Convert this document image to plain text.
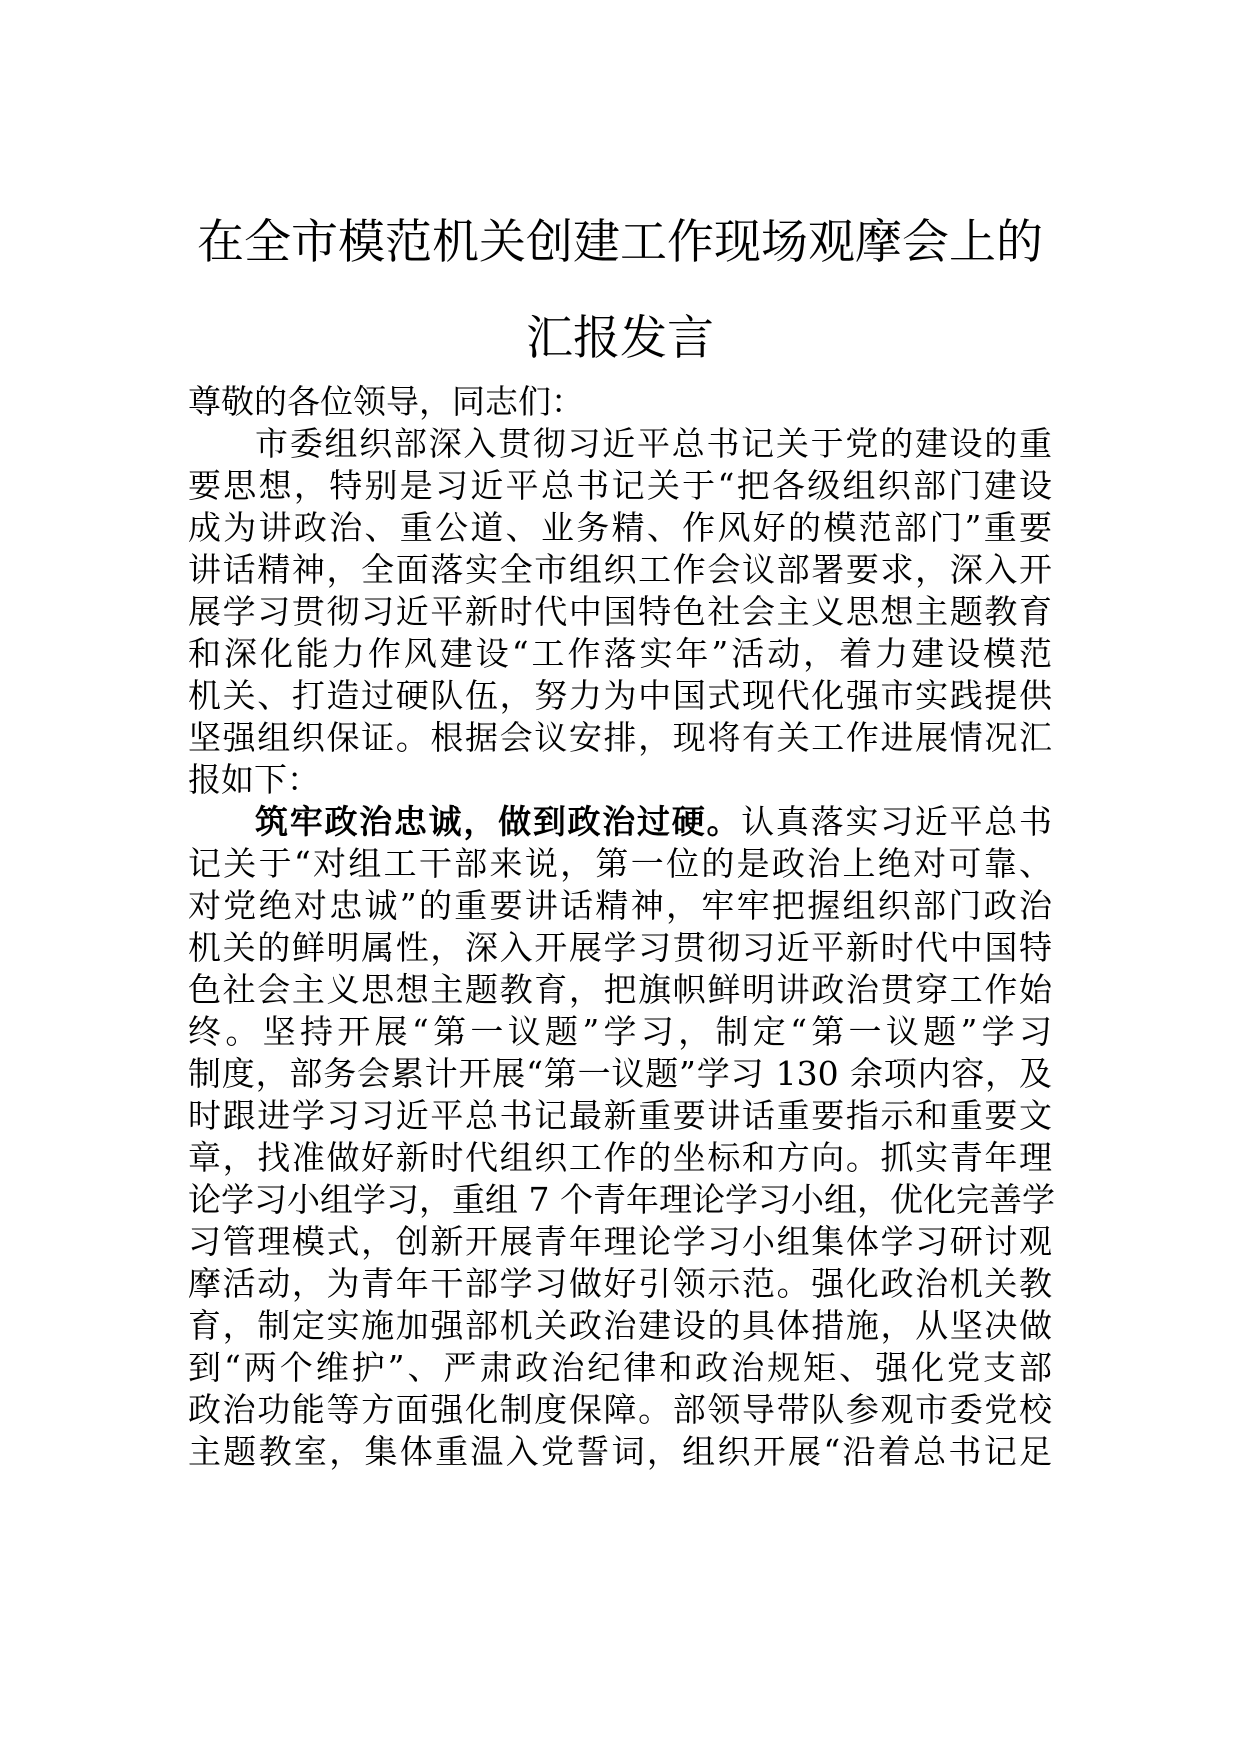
在全市模范机关创建工作现场观摩会上的
汇报发言
尊敬的各位领导，同志们：
市委组织部深入贯彻习近平总书记关于党的建设的重
要思想，特别是习近平总书记关于“把各级组织部门建设
成为讲政治、重公道、业务精、作风好的模范部门”重要
讲话精神，全面落实全市组织工作会议部署要求，深入开
展学习贯彻习近平新时代中国特色社会主义思想主题教育
和深化能力作风建设“工作落实年”活动，着力建设模范
机关、打造过硬队伍，努力为中国式现代化强市实践提供
坚强组织保证。根据会议安排，现将有关工作进展情况汇
报如下：
筑牢政治忠诚，做到政治过硬。认真落实习近平总书
记关于“对组工干部来说，第一位的是政治上绝对可靠、
对党绝对忠诚”的重要讲话精神，牢牢把握组织部门政治
机关的鲜明属性，深入开展学习贯彻习近平新时代中国特
色社会主义思想主题教育，把旗帜鲜明讲政治贯穿工作始
终。坚持开展“第一议题”学习，制定“第一议题”学习
制度，部务会累计开展“第一议题”学习 130 余项内容，及
时跟进学习习近平总书记最新重要讲话重要指示和重要文
章，找准做好新时代组织工作的坐标和方向。抓实青年理
论学习小组学习，重组 7 个青年理论学习小组，优化完善学
习管理模式，创新开展青年理论学习小组集体学习研讨观
摩活动，为青年干部学习做好引领示范。强化政治机关教
育，制定实施加强部机关政治建设的具体措施，从坚决做
到“两个维护”、严肃政治纪律和政治规矩、强化党支部
政治功能等方面强化制度保障。部领导带队参观市委党校
主题教室，集体重温入党誓词，组织开展“沿着总书记足
